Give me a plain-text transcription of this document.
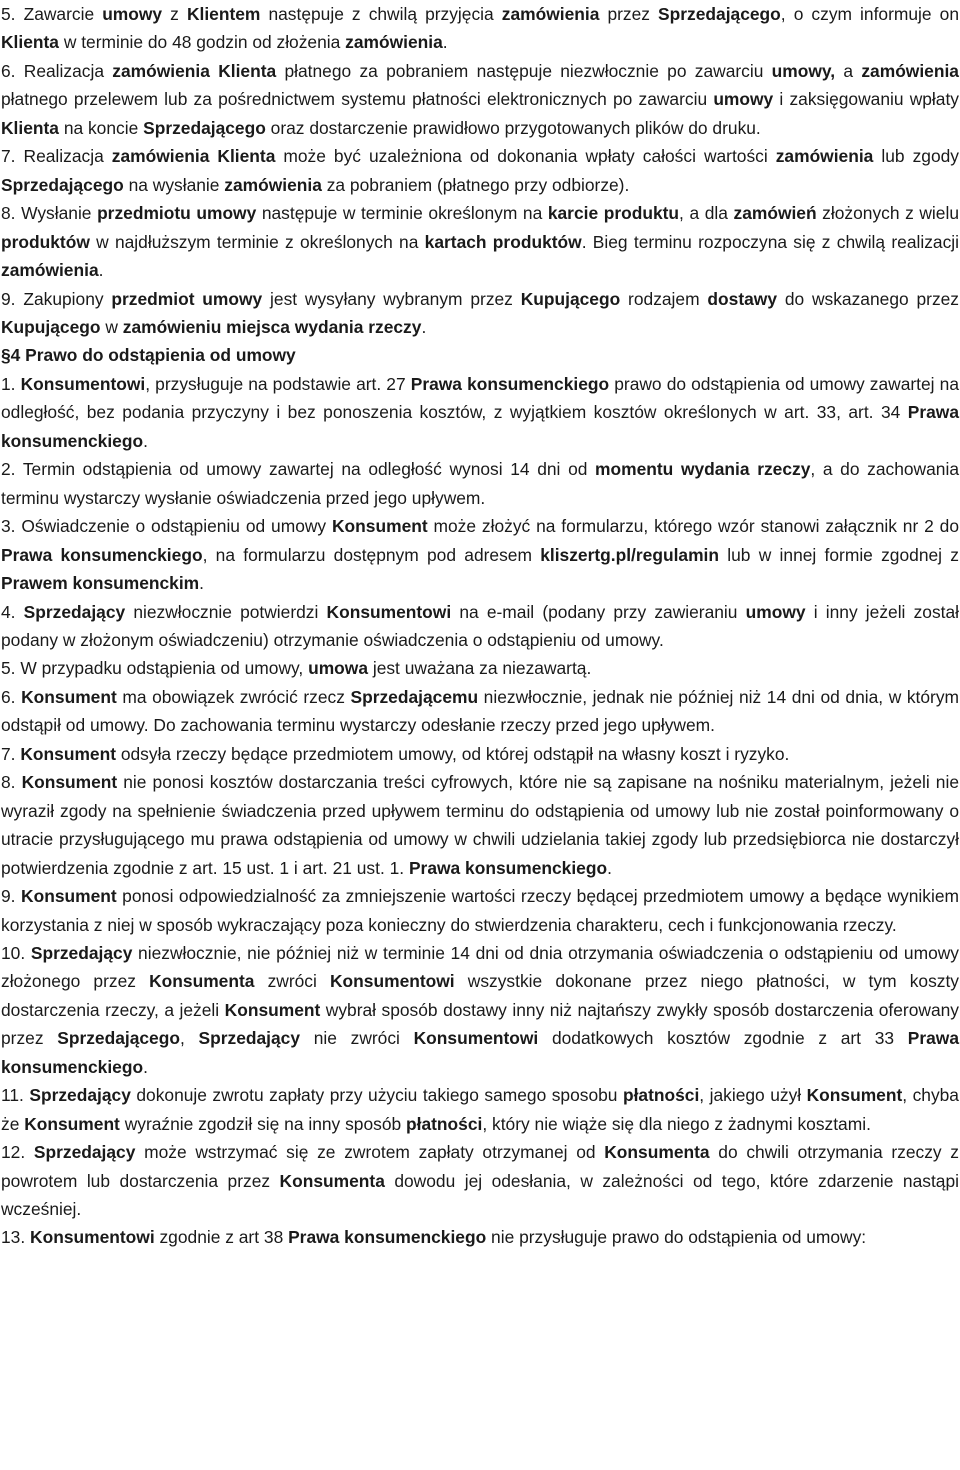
5. Zawarcie umowy z Klientem następuje z chwilą przyjęcia zamówienia przez Sprzedającego, o czym informuje on Klienta w terminie do 48 godzin od złożenia zamówienia.

6. Realizacja zamówienia Klienta płatnego za pobraniem następuje niezwłocznie po zawarciu umowy, a zamówienia płatnego przelewem lub za pośrednictwem systemu płatności elektronicznych po zawarciu umowy i zaksięgowaniu wpłaty Klienta na koncie Sprzedającego oraz dostarczenie prawidłowo przygotowanych plików do druku.

7. Realizacja zamówienia Klienta może być uzależniona od dokonania wpłaty całości wartości zamówienia lub zgody Sprzedającego na wysłanie zamówienia za pobraniem (płatnego przy odbiorze).

8. Wysłanie przedmiotu umowy następuje w terminie określonym na karcie produktu, a dla zamówień złożonych z wielu produktów w najdłuższym terminie z określonych na kartach produktów. Bieg terminu rozpoczyna się z chwilą realizacji zamówienia.

9. Zakupiony przedmiot umowy jest wysyłany wybranym przez Kupującego rodzajem dostawy do wskazanego przez Kupującego w zamówieniu miejsca wydania rzeczy.

§4 Prawo do odstąpienia od umowy

1. Konsumentowi, przysługuje na podstawie art. 27 Prawa konsumenckiego prawo do odstąpienia od umowy zawartej na odległość, bez podania przyczyny i bez ponoszenia kosztów, z wyjątkiem kosztów określonych w art. 33, art. 34 Prawa konsumenckiego.

2. Termin odstąpienia od umowy zawartej na odległość wynosi 14 dni od momentu wydania rzeczy, a do zachowania terminu wystarczy wysłanie oświadczenia przed jego upływem.

3. Oświadczenie o odstąpieniu od umowy Konsument może złożyć na formularzu, którego wzór stanowi załącznik nr 2 do Prawa konsumenckiego, na formularzu dostępnym pod adresem kliszertg.pl/regulamin lub w innej formie zgodnej z Prawem konsumenckim.

4. Sprzedający niezwłocznie potwierdzi Konsumentowi na e-mail (podany przy zawieraniu umowy i inny jeżeli został podany w złożonym oświadczeniu) otrzymanie oświadczenia o odstąpieniu od umowy.

5. W przypadku odstąpienia od umowy, umowa jest uważana za niezawartą.

6. Konsument ma obowiązek zwrócić rzecz Sprzedającemu niezwłocznie, jednak nie później niż 14 dni od dnia, w którym odstąpił od umowy. Do zachowania terminu wystarczy odesłanie rzeczy przed jego upływem.

7. Konsument odsyła rzeczy będące przedmiotem umowy, od której odstąpił na własny koszt i ryzyko.

8. Konsument nie ponosi kosztów dostarczania treści cyfrowych, które nie są zapisane na nośniku materialnym, jeżeli nie wyraził zgody na spełnienie świadczenia przed upływem terminu do odstąpienia od umowy lub nie został poinformowany o utracie przysługującego mu prawa odstąpienia od umowy w chwili udzielania takiej zgody lub przedsiębiorca nie dostarczył potwierdzenia zgodnie z art. 15 ust. 1 i art. 21 ust. 1. Prawa konsumenckiego.

9. Konsument ponosi odpowiedzialność za zmniejszenie wartości rzeczy będącej przedmiotem umowy a będące wynikiem korzystania z niej w sposób wykraczający poza konieczny do stwierdzenia charakteru, cech i funkcjonowania rzeczy.

10. Sprzedający niezwłocznie, nie później niż w terminie 14 dni od dnia otrzymania oświadczenia o odstąpieniu od umowy złożonego przez Konsumenta zwróci Konsumentowi wszystkie dokonane przez niego płatności, w tym koszty dostarczenia rzeczy, a jeżeli Konsument wybrał sposób dostawy inny niż najtańszy zwykły sposób dostarczenia oferowany przez Sprzedającego, Sprzedający nie zwróci Konsumentowi dodatkowych kosztów zgodnie z art 33 Prawa konsumenckiego.

11. Sprzedający dokonuje zwrotu zapłaty przy użyciu takiego samego sposobu płatności, jakiego użył Konsument, chyba że Konsument wyraźnie zgodził się na inny sposób płatności, który nie wiąże się dla niego z żadnymi kosztami.

12. Sprzedający może wstrzymać się ze zwrotem zapłaty otrzymanej od Konsumenta do chwili otrzymania rzeczy z powrotem lub dostarczenia przez Konsumenta dowodu jej odesłania, w zależności od tego, które zdarzenie nastąpi wcześniej.

13. Konsumentowi zgodnie z art 38 Prawa konsumenckiego nie przysługuje prawo do odstąpienia od umowy:
